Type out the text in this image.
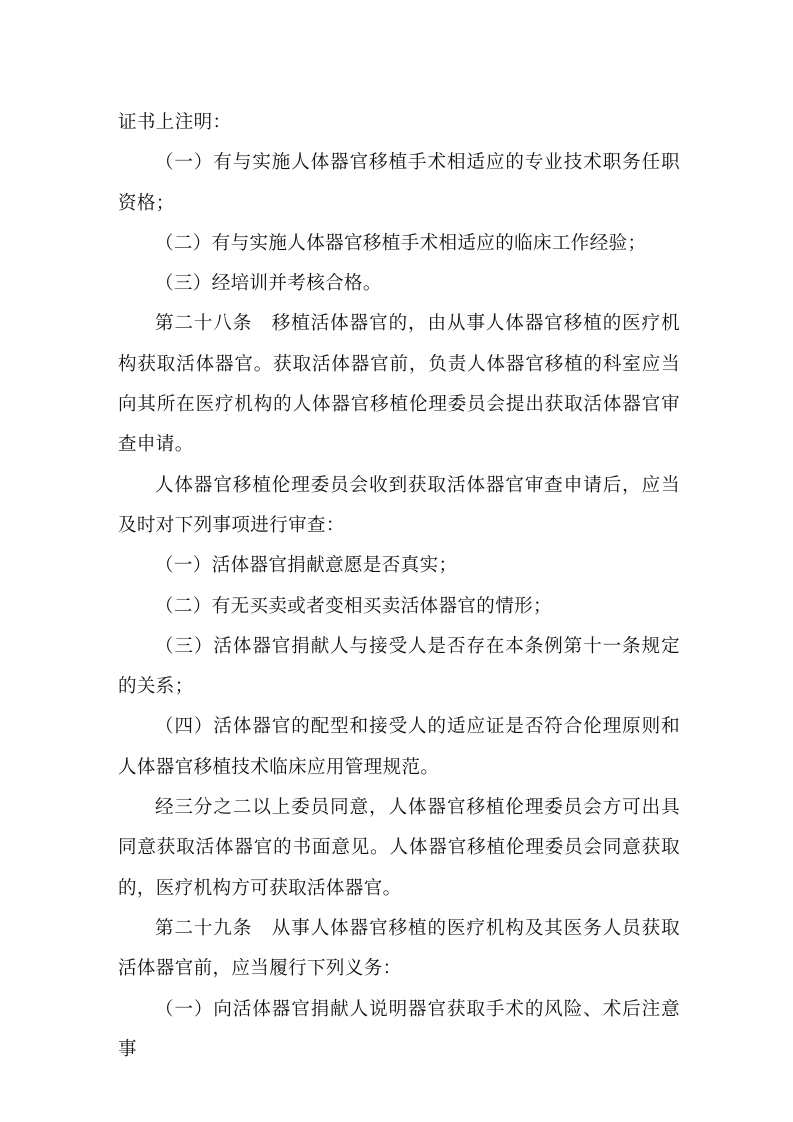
证书上注明：

（一）有与实施人体器官移植手术相适应的专业技术职务任职资格；

（二）有与实施人体器官移植手术相适应的临床工作经验；

（三）经培训并考核合格。

第二十八条　移植活体器官的，由从事人体器官移植的医疗机构获取活体器官。获取活体器官前，负责人体器官移植的科室应当向其所在医疗机构的人体器官移植伦理委员会提出获取活体器官审查申请。

人体器官移植伦理委员会收到获取活体器官审查申请后，应当及时对下列事项进行审查：

（一）活体器官捐献意愿是否真实；

（二）有无买卖或者变相买卖活体器官的情形；

（三）活体器官捐献人与接受人是否存在本条例第十一条规定的关系；

（四）活体器官的配型和接受人的适应证是否符合伦理原则和人体器官移植技术临床应用管理规范。

经三分之二以上委员同意，人体器官移植伦理委员会方可出具同意获取活体器官的书面意见。人体器官移植伦理委员会同意获取的，医疗机构方可获取活体器官。

第二十九条　从事人体器官移植的医疗机构及其医务人员获取活体器官前，应当履行下列义务：

（一）向活体器官捐献人说明器官获取手术的风险、术后注意事
